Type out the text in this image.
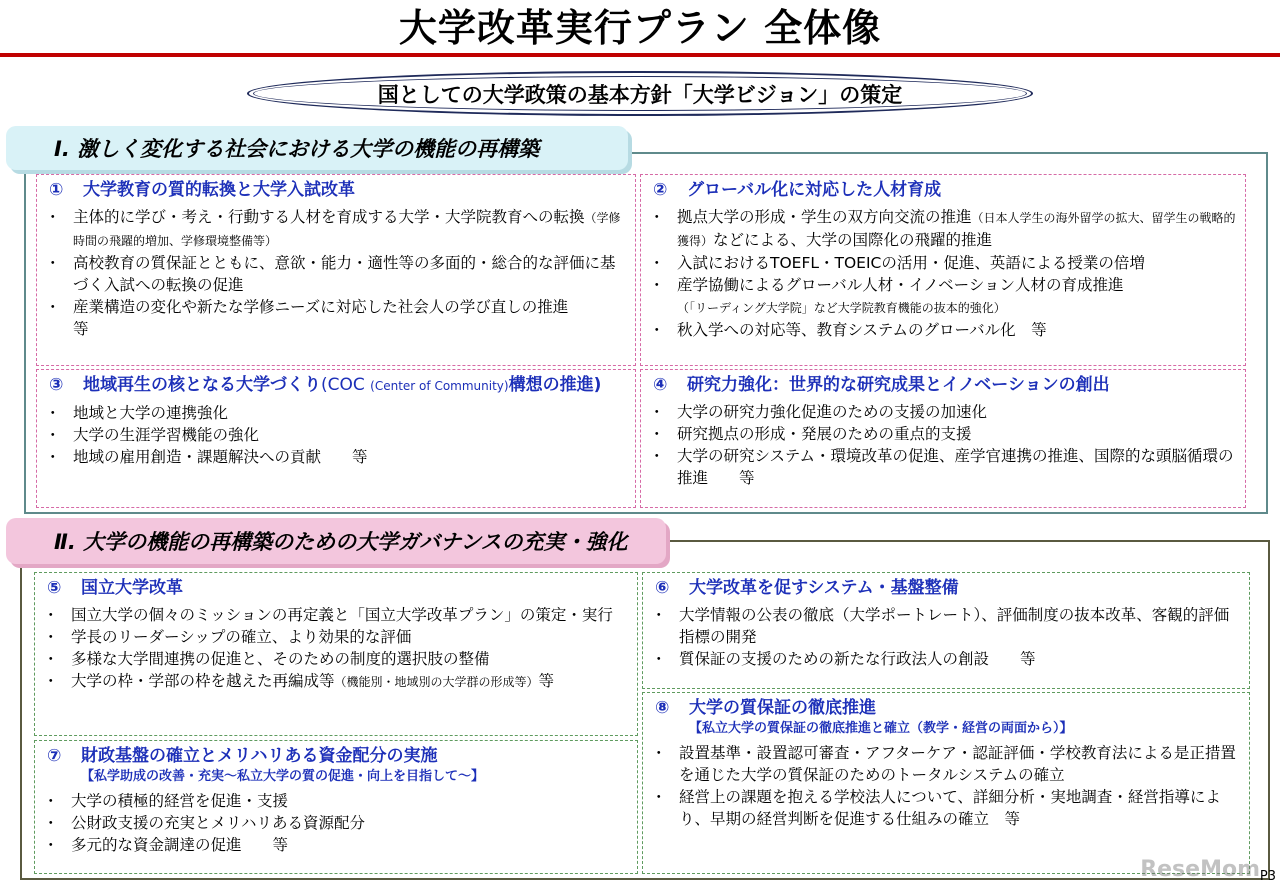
大学改革実行プラン 全体像
国としての大学政策の基本方針「大学ビジョン」の策定
Ⅰ. 激しく変化する社会における大学の機能の再構築
① 大学教育の質的転換と大学入試改革
・ 主体的に学び・考え・行動する人材を育成する大学・大学院教育への転換（学修時間の飛躍的増加、学修環境整備等）
・ 高校教育の質保証とともに、意欲・能力・適性等の多面的・総合的な評価に基づく入試への転換の促進
・ 産業構造の変化や新たな学修ニーズに対応した社会人の学び直しの推進　　　等
② グローバル化に対応した人材育成
・ 拠点大学の形成・学生の双方向交流の推進（日本人学生の海外留学の拡大、留学生の戦略的獲得）などによる、大学の国際化の飛躍的推進
・ 入試におけるTOEFL・TOEICの活用・促進、英語による授業の倍増
・ 産学協働によるグローバル人材・イノベーション人材の育成推進
（「リーディング大学院」など大学院教育機能の抜本的強化）
・ 秋入学への対応等、教育システムのグローバル化　等
③ 地域再生の核となる大学づくり(COC (Center of Community)構想の推進)
・ 地域と大学の連携強化
・ 大学の生涯学習機能の強化
・ 地域の雇用創造・課題解決への貢献　　等
④ 研究力強化：世界的な研究成果とイノベーションの創出
・ 大学の研究力強化促進のための支援の加速化
・ 研究拠点の形成・発展のための重点的支援
・ 大学の研究システム・環境改革の促進、産学官連携の推進、国際的な頭脳循環の推進　　等
Ⅱ. 大学の機能の再構築のための大学ガバナンスの充実・強化
⑤ 国立大学改革
・ 国立大学の個々のミッションの再定義と「国立大学改革プラン」の策定・実行
・ 学長のリーダーシップの確立、より効果的な評価
・ 多様な大学間連携の促進と、そのための制度的選択肢の整備
・ 大学の枠・学部の枠を越えた再編成等（機能別・地域別の大学群の形成等）等
⑥ 大学改革を促すシステム・基盤整備
・ 大学情報の公表の徹底（大学ポートレート）、評価制度の抜本改革、客観的評価指標の開発
・ 質保証の支援のための新たな行政法人の創設　　等
⑦ 財政基盤の確立とメリハリある資金配分の実施
【私学助成の改善・充実～私立大学の質の促進・向上を目指して～】
・ 大学の積極的経営を促進・支援
・ 公財政支援の充実とメリハリある資源配分
・ 多元的な資金調達の促進　　等
⑧ 大学の質保証の徹底推進
【私立大学の質保証の徹底推進と確立（教学・経営の両面から）】
・ 設置基準・設置認可審査・アフターケア・認証評価・学校教育法による是正措置を通じた大学の質保証のためのトータルシステムの確立
・ 経営上の課題を抱える学校法人について、詳細分析・実地調査・経営指導により、早期の経営判断を促進する仕組みの確立　等
ReseMom P3
